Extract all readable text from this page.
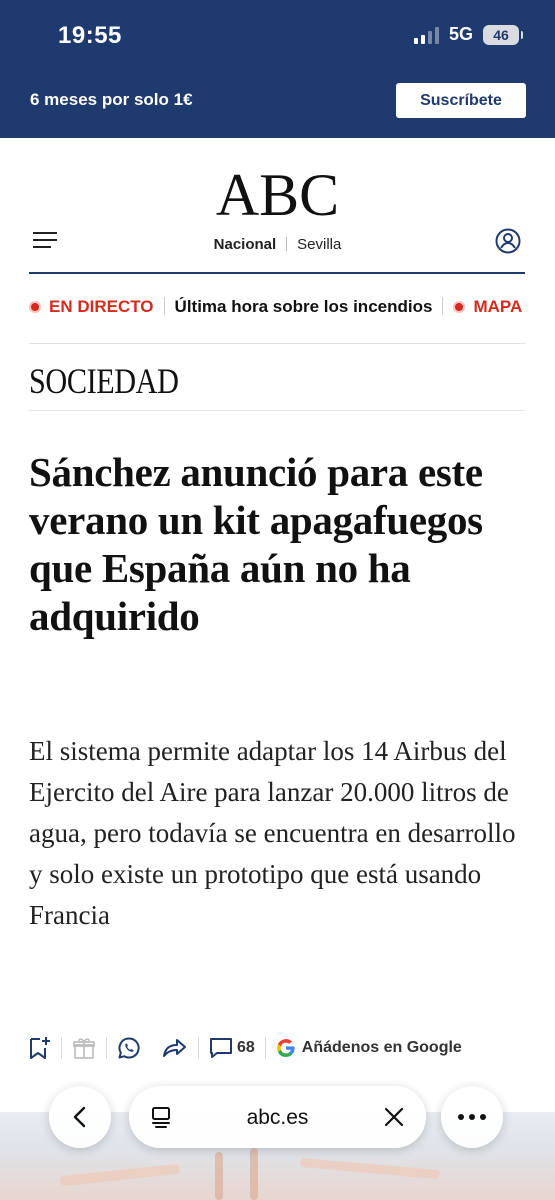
19:55	5G 46
6 meses por solo 1€	Suscríbete
ABC
Nacional Sevilla
EN DIRECTO Última hora sobre los incendios MAPA
SOCIEDAD
Sánchez anunció para este verano un kit apagafuegos que España aún no ha adquirido

El sistema permite adaptar los 14 Airbus del Ejercito del Aire para lanzar 20.000 litros de agua, pero todavía se encuentra en desarrollo y solo existe un prototipo que está usando Francia

68	Añádenos en Google
abc.es
